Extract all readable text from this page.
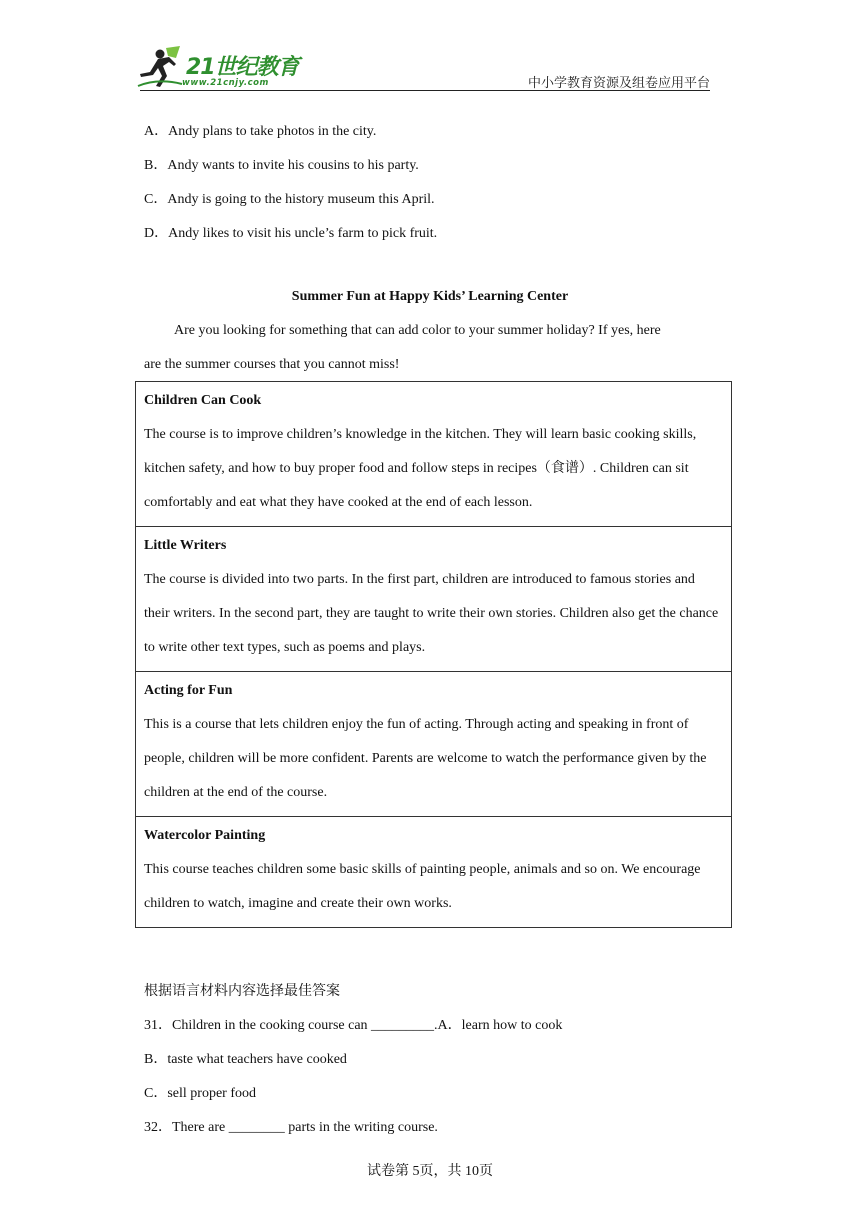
21世纪教育
www.21cnjy.com	中小学教育资源及组卷应用平台
A．Andy plans to take photos in the city.
B．Andy wants to invite his cousins to his party.
C．Andy is going to the history museum this April.
D．Andy likes to visit his uncle’s farm to pick fruit.
Summer Fun at Happy Kids’ Learning Center
Are you looking for something that can add color to your summer holiday? If yes, here
are the summer courses that you cannot miss!
Children Can Cook
The course is to improve children’s knowledge in the kitchen. They will learn basic cooking skills, kitchen safety, and how to buy proper food and follow steps in recipes（食谱）. Children can sit comfortably and eat what they have cooked at the end of each lesson.
Little Writers
The course is divided into two parts. In the first part, children are introduced to famous stories and their writers. In the second part, they are taught to write their own stories. Children also get the chance to write other text types, such as poems and plays.
Acting for Fun
This is a course that lets children enjoy the fun of acting. Through acting and speaking in front of people, children will be more confident. Parents are welcome to watch the performance given by the children at the end of the course.
Watercolor Painting
This course teaches children some basic skills of painting people, animals and so on. We encourage children to watch, imagine and create their own works.
根据语言材料内容选择最佳答案
31．Children in the cooking course can _________.A．learn how to cook
B．taste what teachers have cooked
C．sell proper food
32．There are ________ parts in the writing course.
试卷第 5页，共 10页
